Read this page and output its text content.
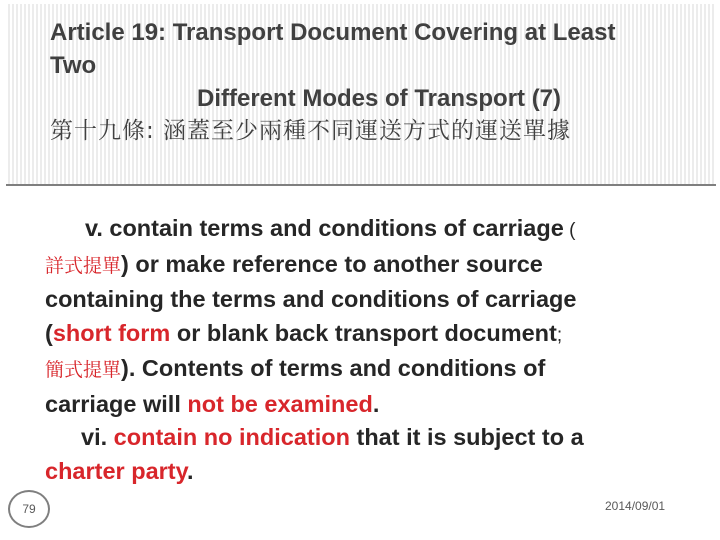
Article 19: Transport Document Covering at Least
Two
Different Modes of Transport (7)
第十九條: 涵蓋至少兩種不同運送方式的運送單據
v. contain terms and conditions of carriage (
詳式提單) or make reference to another source
containing the terms and conditions of carriage
(short form or blank back transport document;
簡式提單). Contents of terms and conditions of
carriage will not be examined.
vi. contain no indication that it is subject to a
charter party.
79	2014/09/01
